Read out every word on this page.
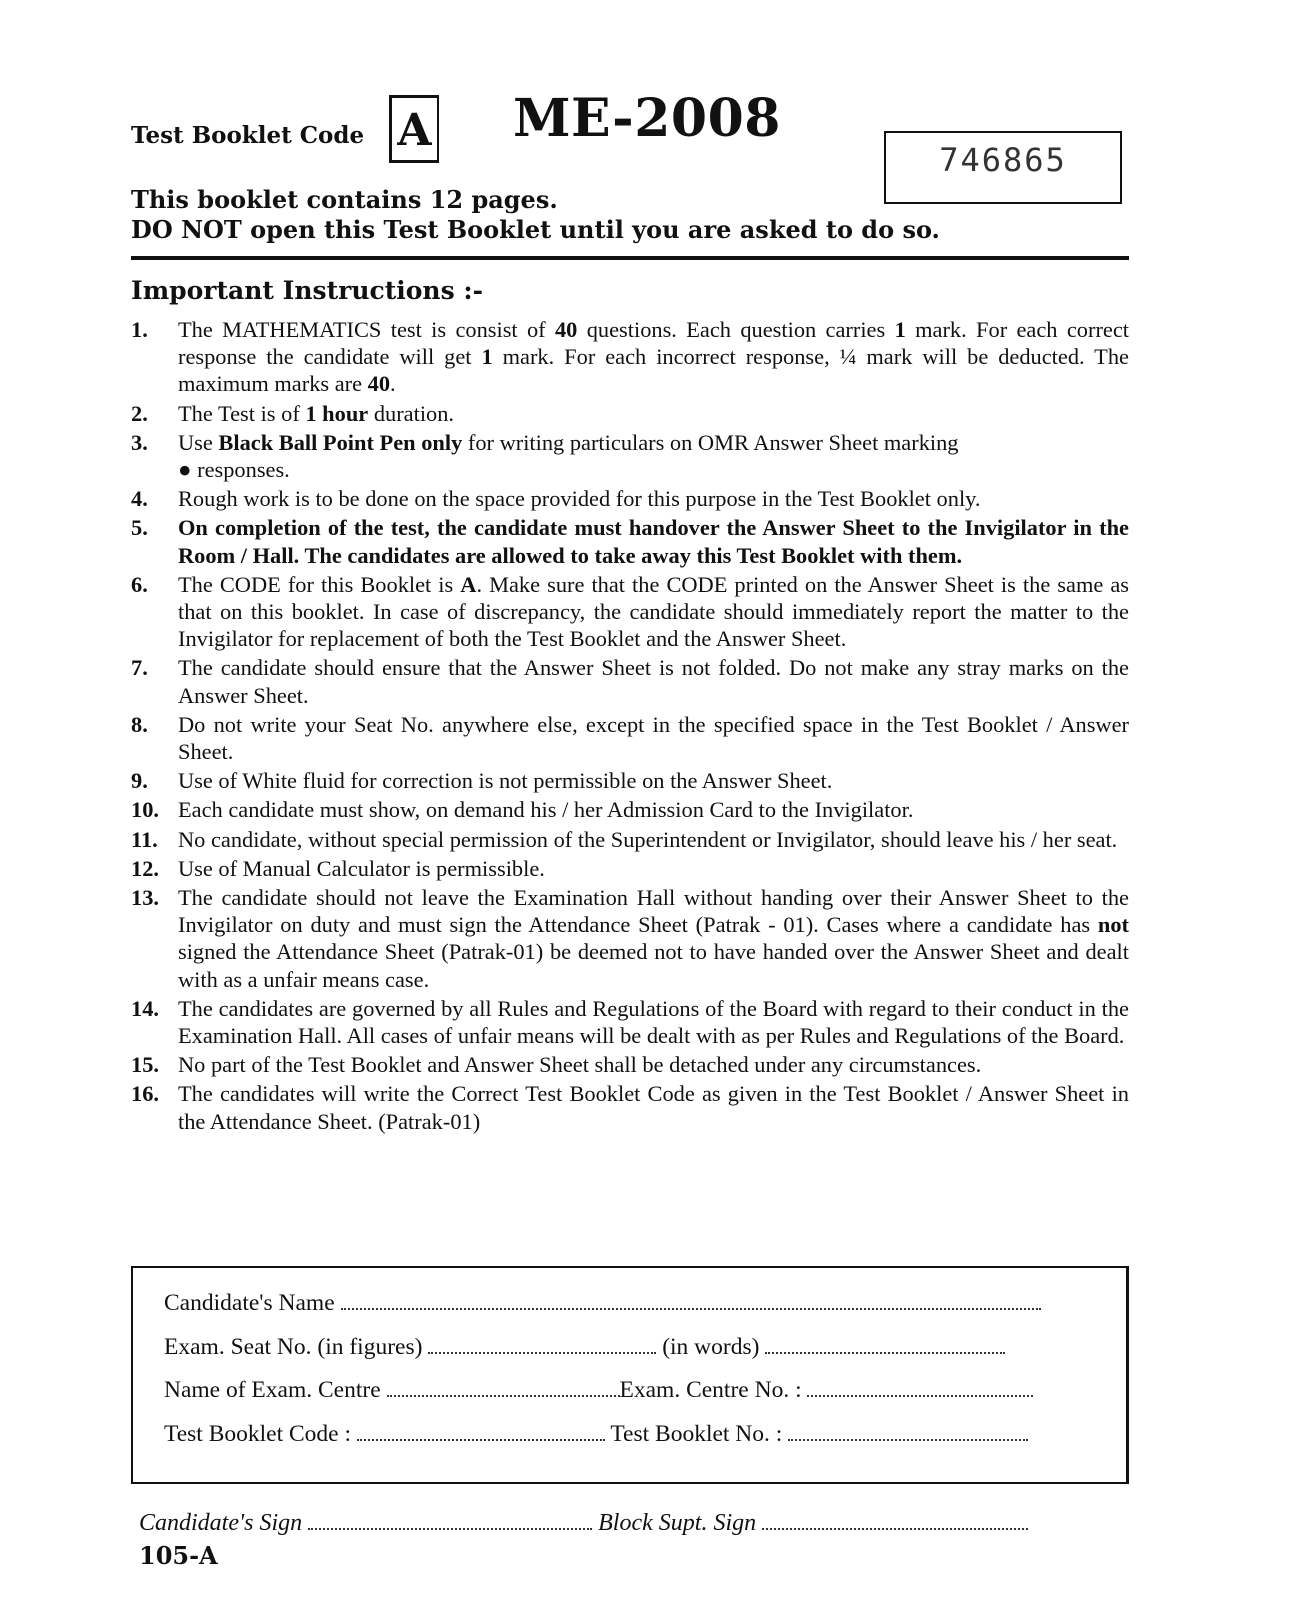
Test Booklet Code A ME-2008
746865
This booklet contains 12 pages.
DO NOT open this Test Booklet until you are asked to do so.
Important Instructions :-
1. The MATHEMATICS test is consist of 40 questions. Each question carries 1 mark. For each correct response the candidate will get 1 mark. For each incorrect response, ¼ mark will be deducted. The maximum marks are 40.
2. The Test is of 1 hour duration.
3. Use Black Ball Point Pen only for writing particulars on OMR Answer Sheet marking
● responses.
4. Rough work is to be done on the space provided for this purpose in the Test Booklet only.
5. On completion of the test, the candidate must handover the Answer Sheet to the Invigilator in the Room / Hall. The candidates are allowed to take away this Test Booklet with them.
6. The CODE for this Booklet is A. Make sure that the CODE printed on the Answer Sheet is the same as that on this booklet. In case of discrepancy, the candidate should immediately report the matter to the Invigilator for replacement of both the Test Booklet and the Answer Sheet.
7. The candidate should ensure that the Answer Sheet is not folded. Do not make any stray marks on the Answer Sheet.
8. Do not write your Seat No. anywhere else, except in the specified space in the Test Booklet / Answer Sheet.
9. Use of White fluid for correction is not permissible on the Answer Sheet.
10. Each candidate must show, on demand his / her Admission Card to the Invigilator.
11. No candidate, without special permission of the Superintendent or Invigilator, should leave his / her seat.
12. Use of Manual Calculator is permissible.
13. The candidate should not leave the Examination Hall without handing over their Answer Sheet to the Invigilator on duty and must sign the Attendance Sheet (Patrak - 01). Cases where a candidate has not signed the Attendance Sheet (Patrak-01) be deemed not to have handed over the Answer Sheet and dealt with as a unfair means case.
14. The candidates are governed by all Rules and Regulations of the Board with regard to their conduct in the Examination Hall. All cases of unfair means will be dealt with as per Rules and Regulations of the Board.
15. No part of the Test Booklet and Answer Sheet shall be detached under any circumstances.
16. The candidates will write the Correct Test Booklet Code as given in the Test Booklet / Answer Sheet in the Attendance Sheet. (Patrak-01)
Candidate's Name
Exam. Seat No. (in figures)	(in words)
Name of Exam. Centre	Exam. Centre No. :
Test Booklet Code :	Test Booklet No. :
Candidate's Sign	Block Supt. Sign
105-A
